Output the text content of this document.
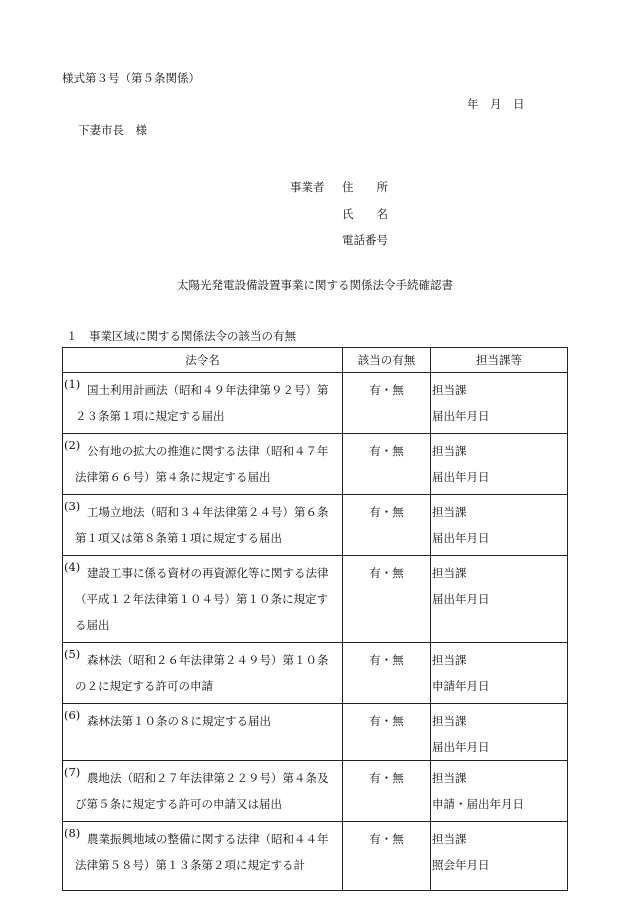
様式第３号（第５条関係）
年　月　日
下妻市長　様
事業者	住　　所
氏　　名
電話番号
太陽光発電設備設置事業に関する関係法令手続確認書
１　事業区域に関する関係法令の該当の有無
法令名	該当の有無	担当課等

(1) 国土利用計画法（昭和４９年法律第９２号）第２３条第１項に規定する届出	有・無	担当課
届出年月日

(2) 公有地の拡大の推進に関する法律（昭和４７年法律第６６号）第４条に規定する届出	有・無	担当課
届出年月日

(3) 工場立地法（昭和３４年法律第２４号）第６条第１項又は第８条第１項に規定する届出	有・無	担当課
届出年月日

(4) 建設工事に係る資材の再資源化等に関する法律（平成１２年法律第１０４号）第１０条に規定する届出	有・無	担当課
届出年月日

(5) 森林法（昭和２６年法律第２４９号）第１０条の２に規定する許可の申請	有・無	担当課
申請年月日

(6) 森林法第１０条の８に規定する届出	有・無	担当課
届出年月日

(7) 農地法（昭和２７年法律第２２９号）第４条及び第５条に規定する許可の申請又は届出	有・無	担当課
申請・届出年月日

(8) 農業振興地域の整備に関する法律（昭和４４年法律第５８号）第１３条第２項に規定する計	有・無	担当課
照会年月日
